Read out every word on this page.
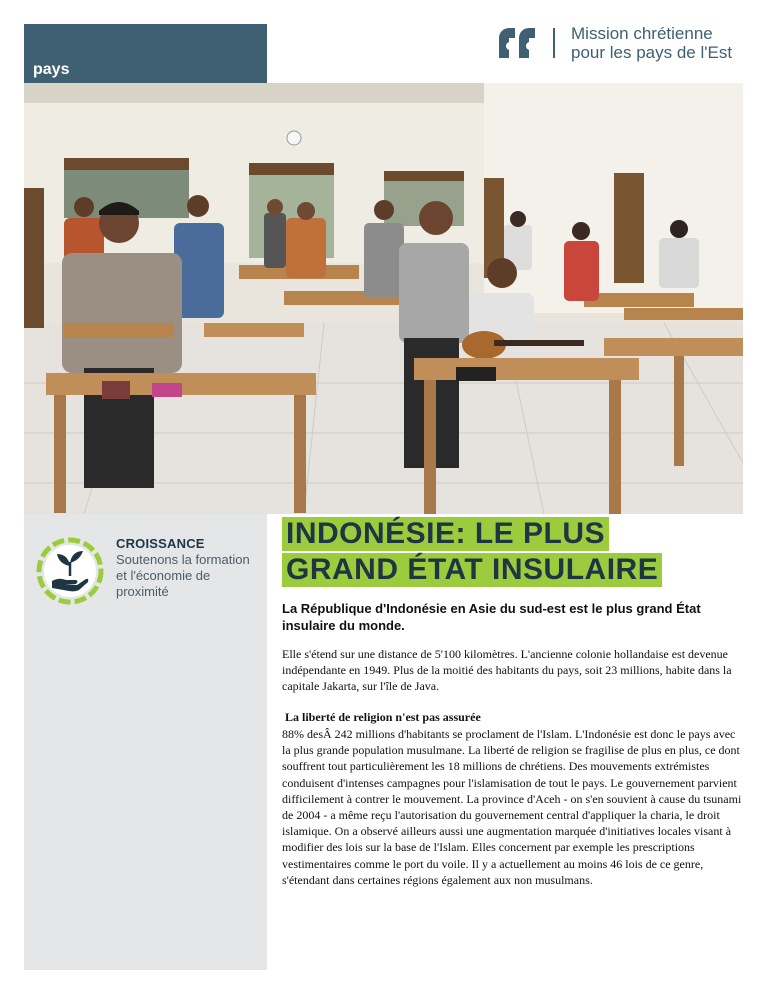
pays
Mission chrétienne
pour les pays de l'Est
CROISSANCE
Soutenons la formation et l'économie de proximité
INDONÉSIE: LE PLUS
GRAND ÉTAT INSULAIRE
La République d'Indonésie en Asie du sud-est est le plus grand État insulaire du monde.
Elle s'étend sur une distance de 5'100 kilomètres. L'ancienne colonie hollandaise est devenue indépendante en 1949. Plus de la moitié des habitants du pays, soit 23 millions, habite dans la capitale Jakarta, sur l'île de Java.
La liberté de religion n'est pas assurée
88% desÂ 242 millions d'habitants se proclament de l'Islam. L'Indonésie est donc le pays avec la plus grande population musulmane. La liberté de religion se fragilise de plus en plus, ce dont souffrent tout particulièrement les 18 millions de chrétiens. Des mouvements extrémistes conduisent d'intenses campagnes pour l'islamisation de tout le pays. Le gouvernement parvient difficilement à contrer le mouvement. La province d'Aceh - on s'en souvient à cause du tsunami de 2004 - a même reçu l'autorisation du gouvernement central d'appliquer la charia, le droit islamique. On a observé ailleurs aussi une augmentation marquée d'initiatives locales visant à modifier des lois sur la base de l'Islam. Elles concernent par exemple les prescriptions vestimentaires comme le port du voile. Il y a actuellement au moins 46 lois de ce genre, s'étendant dans certaines régions également aux non musulmans.
